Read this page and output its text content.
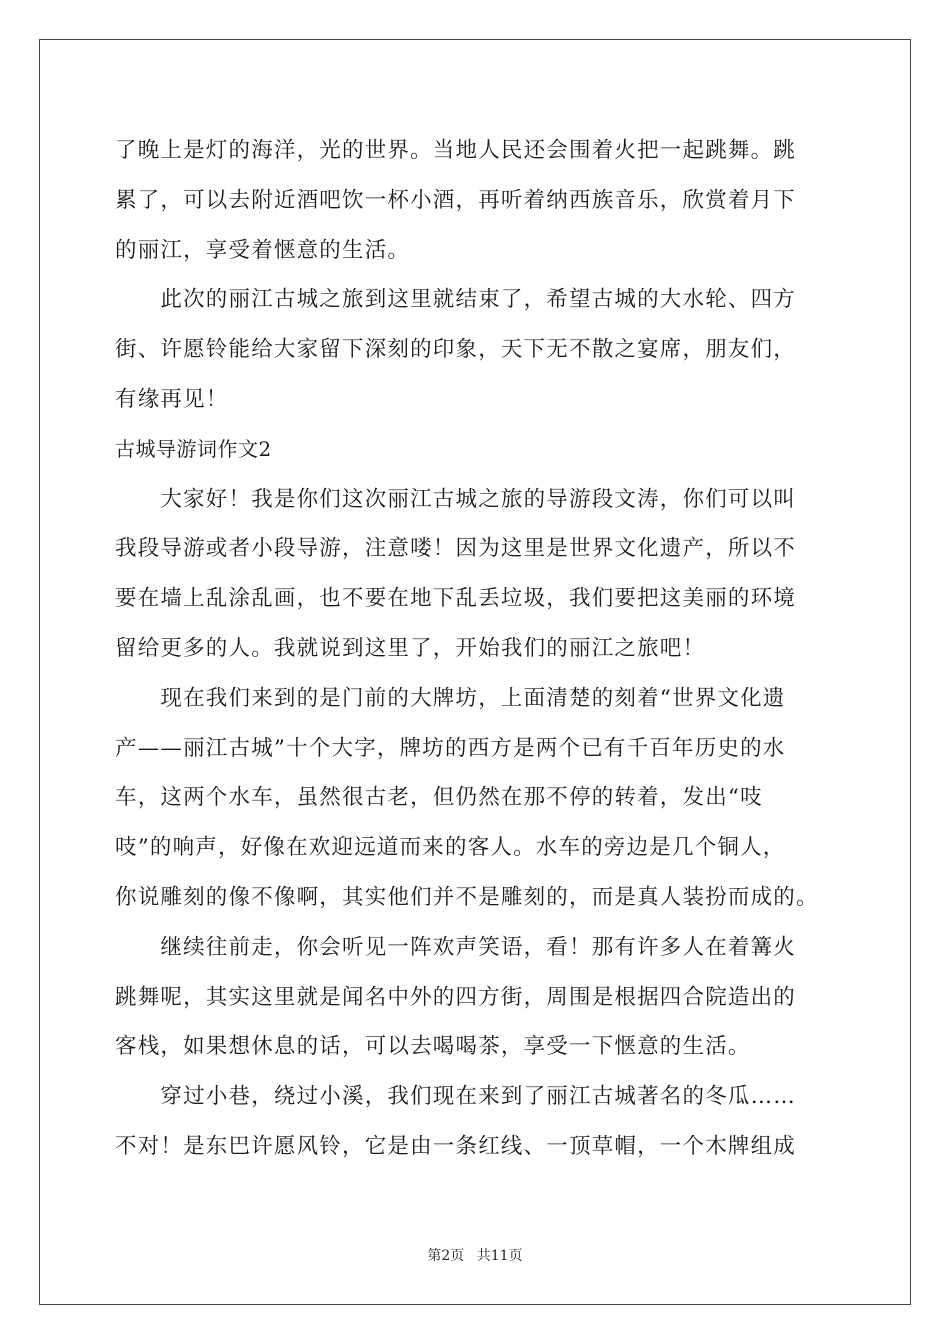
了晚上是灯的海洋，光的世界。当地人民还会围着火把一起跳舞。跳
累了，可以去附近酒吧饮一杯小酒，再听着纳西族音乐，欣赏着月下
的丽江，享受着惬意的生活。
　　此次的丽江古城之旅到这里就结束了，希望古城的大水轮、四方
街、许愿铃能给大家留下深刻的印象，天下无不散之宴席，朋友们，
有缘再见！
古城导游词作文2
　　大家好！我是你们这次丽江古城之旅的导游段文涛，你们可以叫
我段导游或者小段导游，注意喽！因为这里是世界文化遗产，所以不
要在墙上乱涂乱画，也不要在地下乱丢垃圾，我们要把这美丽的环境
留给更多的人。我就说到这里了，开始我们的丽江之旅吧！
　　现在我们来到的是门前的大牌坊，上面清楚的刻着“世界文化遗
产——丽江古城”十个大字，牌坊的西方是两个已有千百年历史的水
车，这两个水车，虽然很古老，但仍然在那不停的转着，发出“吱
吱”的响声，好像在欢迎远道而来的客人。水车的旁边是几个铜人，
你说雕刻的像不像啊，其实他们并不是雕刻的，而是真人装扮而成的。
　　继续往前走，你会听见一阵欢声笑语，看！那有许多人在着篝火
跳舞呢，其实这里就是闻名中外的四方街，周围是根据四合院造出的
客栈，如果想休息的话，可以去喝喝茶，享受一下惬意的生活。
　　穿过小巷，绕过小溪，我们现在来到了丽江古城著名的冬瓜……
不对！是东巴许愿风铃，它是由一条红线、一顶草帽，一个木牌组成
第2页 共11页
